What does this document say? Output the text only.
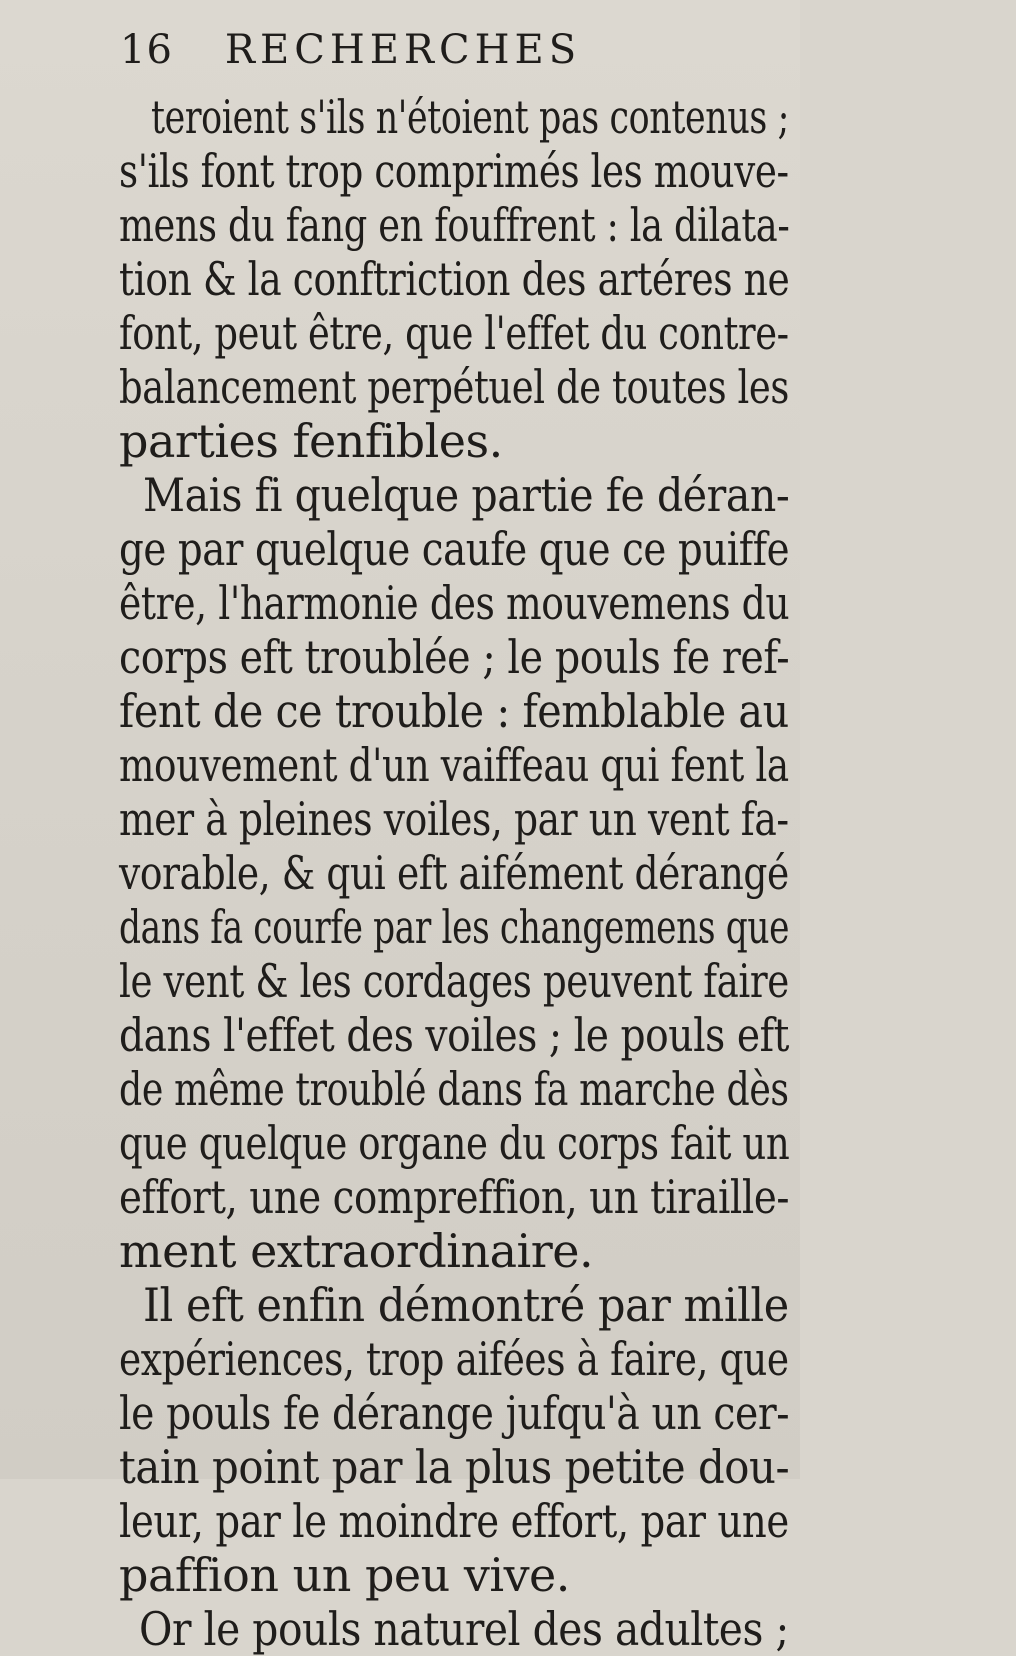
16 RECHERCHES
teroient s'ils n'étoient pas contenus ;
s'ils font trop comprimés les mouve-
mens du fang en fouffrent : la dilata-
tion & la conftriction des artéres ne
font, peut être, que l'effet du contre-
balancement perpétuel de toutes les
parties fenfibles.
Mais fi quelque partie fe déran-
ge par quelque caufe que ce puiffe
être, l'harmonie des mouvemens du
corps eft troublée ; le pouls fe ref-
fent de ce trouble : femblable au
mouvement d'un vaiffeau qui fent la
mer à pleines voiles, par un vent fa-
vorable, & qui eft aifément dérangé
dans fa courfe par les changemens que
le vent & les cordages peuvent faire
dans l'effet des voiles ; le pouls eft
de même troublé dans fa marche dès
que quelque organe du corps fait un
effort, une compreffion, un tiraille-
ment extraordinaire.
Il eft enfin démontré par mille
expériences, trop aifées à faire, que
le pouls fe dérange jufqu'à un cer-
tain point par la plus petite dou-
leur, par le moindre effort, par une
paffion un peu vive.
Or le pouls naturel des adultes ;
